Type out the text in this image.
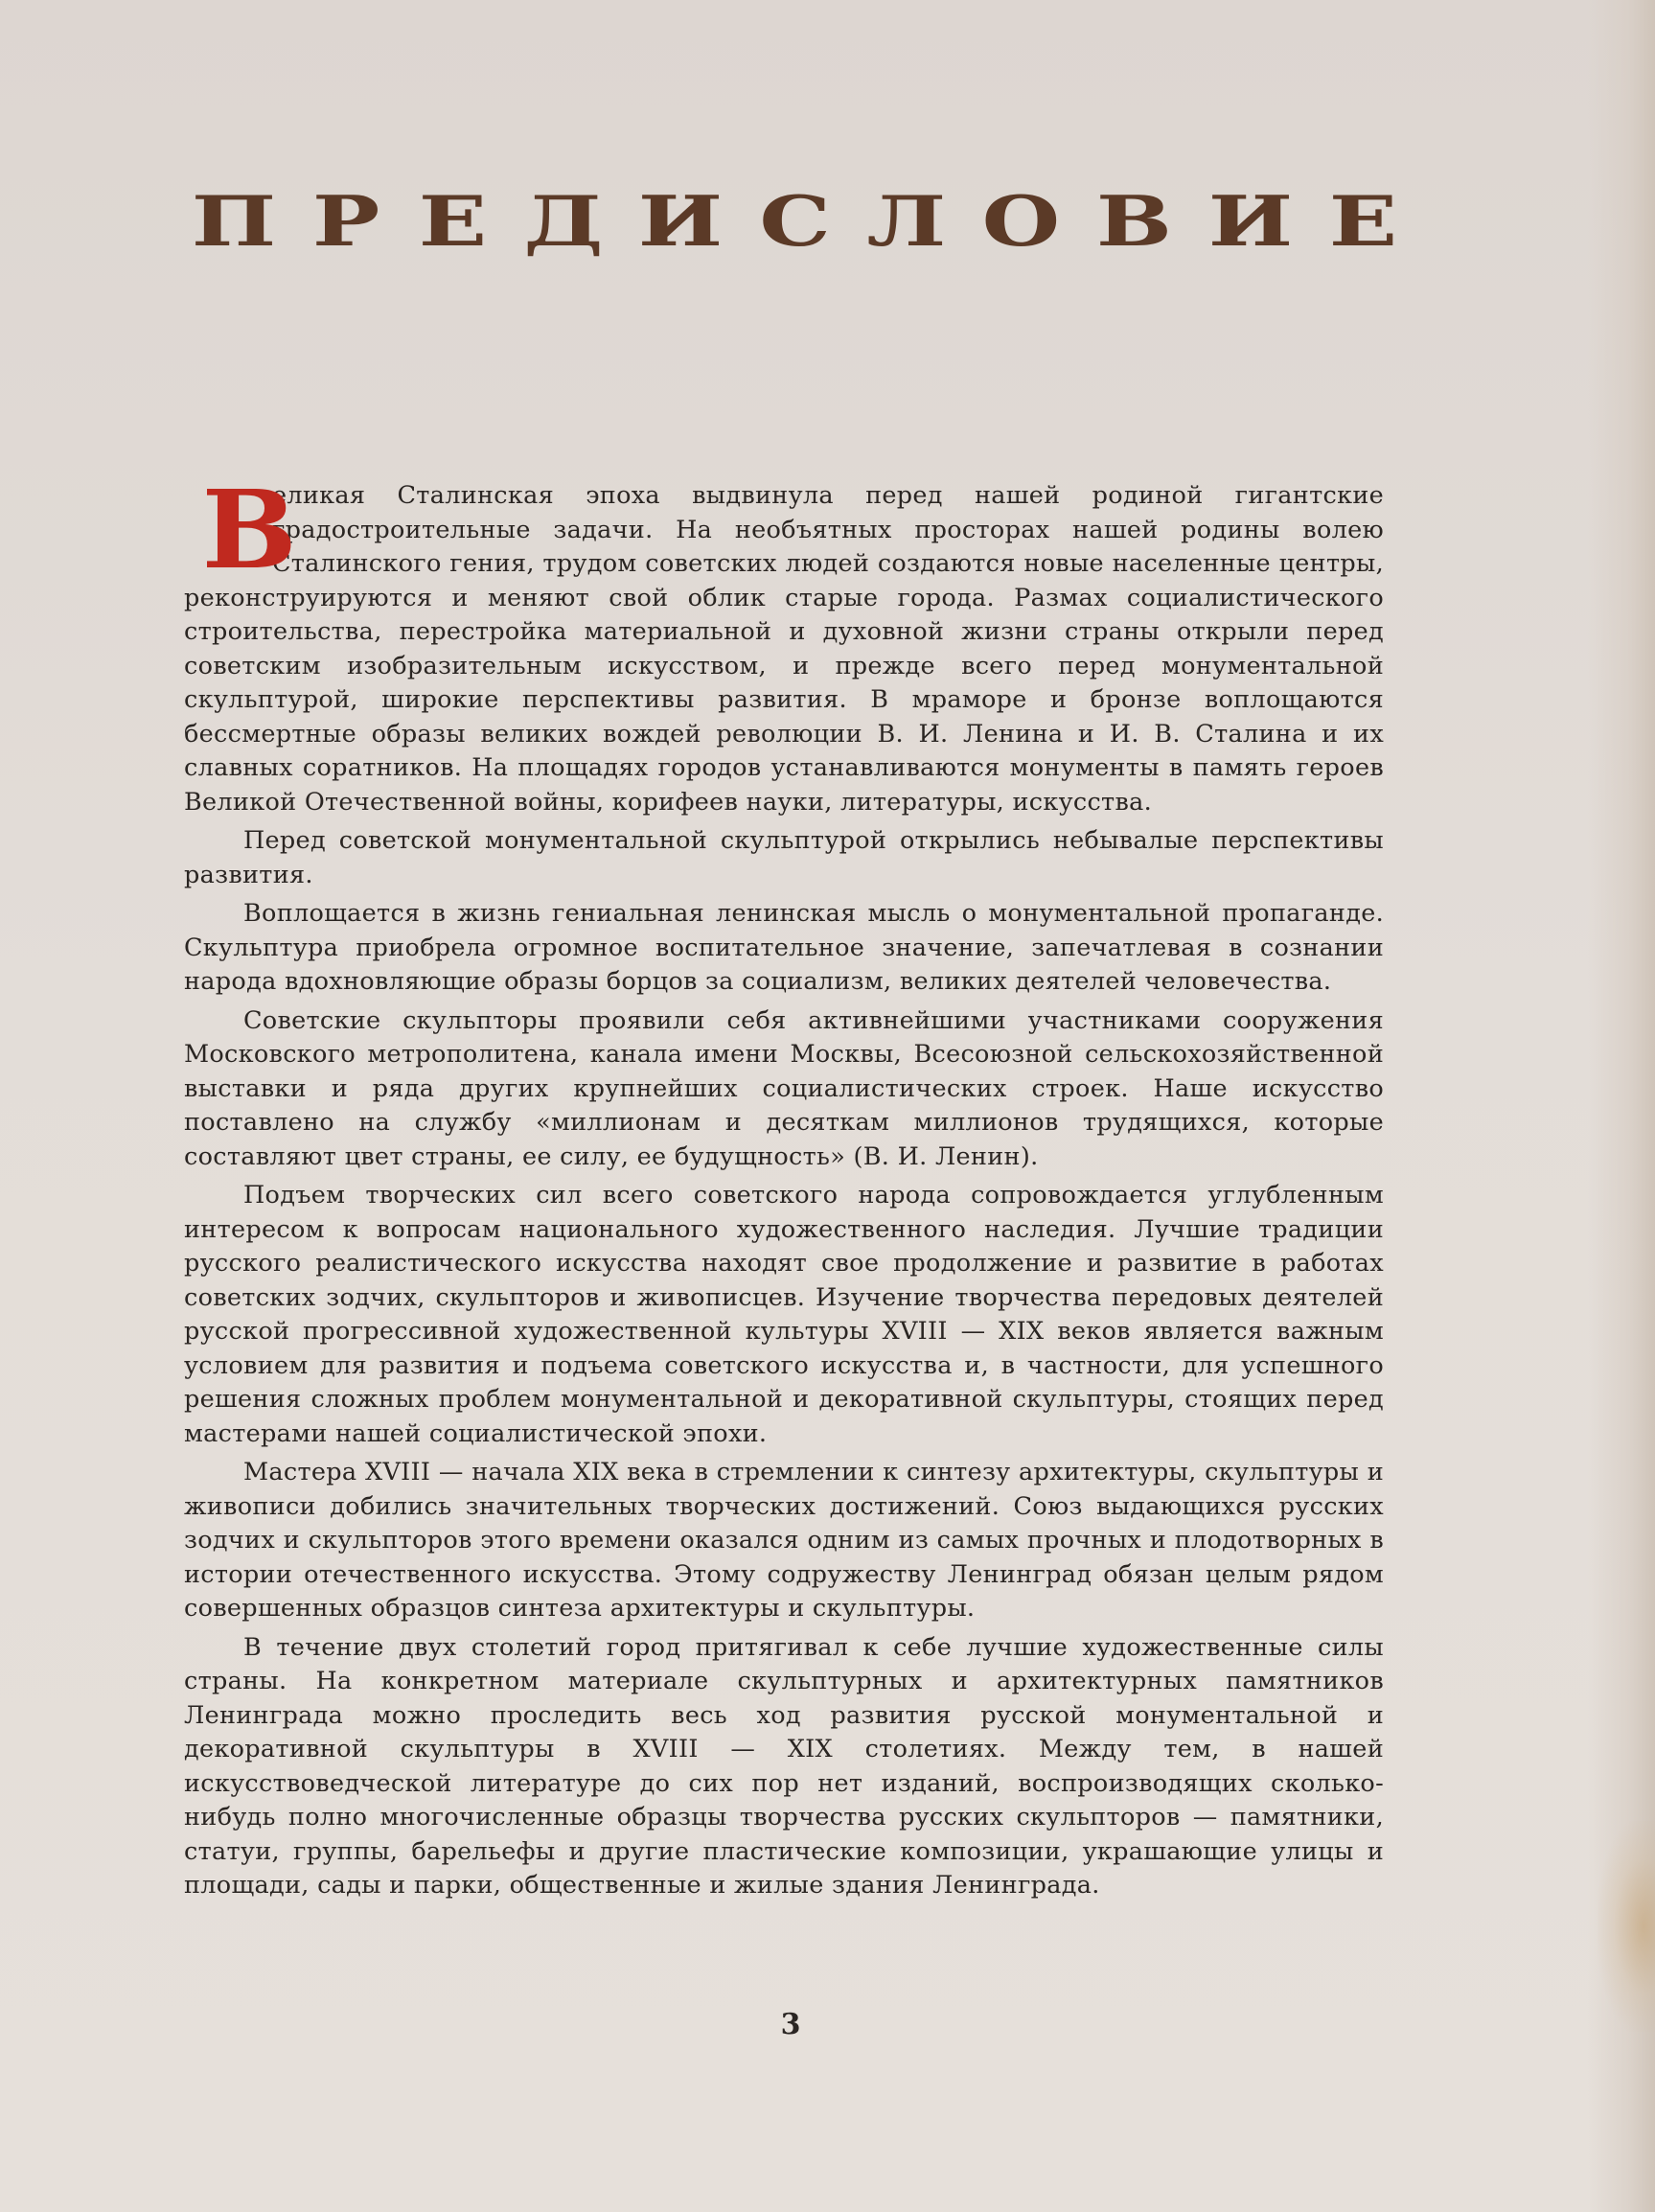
П Р Е Д И С Л О В И Е

В
еликая Сталинская эпоха выдвинула перед нашей родиной гигантские градостроительные задачи. На необъятных просторах нашей родины волею Сталинского гения, трудом советских людей создаются новые населенные центры, реконструируются и меняют свой облик старые города. Размах социалистического строительства, перестройка материальной и духовной жизни страны открыли перед советским изобразительным искусством, и прежде всего перед монументальной скульптурой, широкие перспективы развития. В мраморе и бронзе воплощаются бессмертные образы великих вождей революции В. И. Ленина и И. В. Сталина и их славных соратников. На площадях городов устанавливаются монументы в память героев Великой Отечественной войны, корифеев науки, литературы, искусства.

Перед советской монументальной скульптурой открылись небывалые перспективы развития.

Воплощается в жизнь гениальная ленинская мысль о монументальной пропаганде. Скульптура приобрела огромное воспитательное значение, запечатлевая в сознании народа вдохновляющие образы борцов за социализм, великих деятелей человечества.

Советские скульпторы проявили себя активнейшими участниками сооружения Московского метрополитена, канала имени Москвы, Всесоюзной сельскохозяйственной выставки и ряда других крупнейших социалистических строек. Наше искусство поставлено на службу «миллионам и десяткам миллионов трудящихся, которые составляют цвет страны, ее силу, ее будущность» (В. И. Ленин).

Подъем творческих сил всего советского народа сопровождается углубленным интересом к вопросам национального художественного наследия. Лучшие традиции русского реалистического искусства находят свое продолжение и развитие в работах советских зодчих, скульпторов и живописцев. Изучение творчества передовых деятелей русской прогрессивной художественной культуры XVIII — XIX веков является важным условием для развития и подъема советского искусства и, в частности, для успешного решения сложных проблем монументальной и декоративной скульптуры, стоящих перед мастерами нашей социалистической эпохи.

Мастера XVIII — начала XIX века в стремлении к синтезу архитектуры, скульптуры и живописи добились значительных творческих достижений. Союз выдающихся русских зодчих и скульпторов этого времени оказался одним из самых прочных и плодотворных в истории отечественного искусства. Этому содружеству Ленинград обязан целым рядом совершенных образцов синтеза архитектуры и скульптуры.

В течение двух столетий город притягивал к себе лучшие художественные силы страны. На конкретном материале скульптурных и архитектурных памятников Ленинграда можно проследить весь ход развития русской монументальной и декоративной скульптуры в XVIII — XIX столетиях. Между тем, в нашей искусствоведческой литературе до сих пор нет изданий, воспроизводящих сколько-нибудь полно многочисленные образцы творчества русских скульпторов — памятники, статуи, группы, барельефы и другие пластические композиции, украшающие улицы и площади, сады и парки, общественные и жилые здания Ленинграда.

3
